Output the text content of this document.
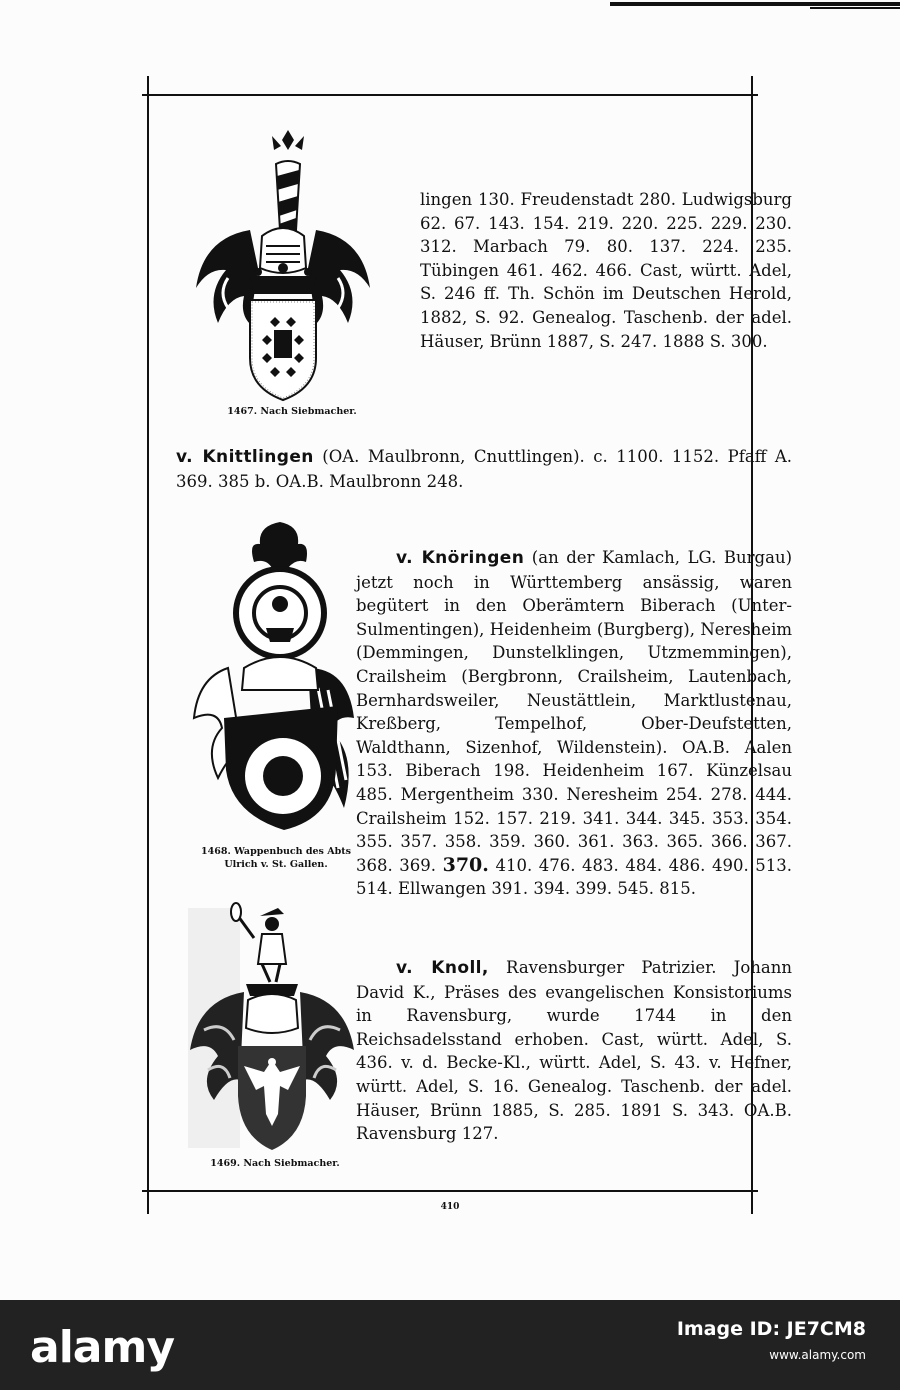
1467. Nach Siebmacher.

lingen 130. Freudenstadt 280. Ludwigsburg 62. 67. 143. 154. 219. 220. 225. 229. 230. 312. Marbach 79. 80. 137. 224. 235. Tübingen 461. 462. 466. Cast, württ. Adel, S. 246 ff. Th. Schön im Deutschen Herold, 1882, S. 92. Genealog. Taschenb. der adel. Häuser, Brünn 1887, S. 247. 1888 S. 300.

v. Knittlingen (OA. Maulbronn, Cnuttlingen). c. 1100. 1152. Pfaff A. 369. 385 b. OA.B. Maulbronn 248.

1468. Wappenbuch des Abts
Ulrich v. St. Gallen.

v. Knöringen (an der Kamlach, LG. Burgau) jetzt noch in Württemberg ansässig, waren begütert in den Oberämtern Biberach (Unter-Sulmentingen), Heidenheim (Burgberg), Neresheim (Demmingen, Dunstelklingen, Utzmemmingen), Crailsheim (Bergbronn, Crailsheim, Lautenbach, Bernhardsweiler, Neustättlein, Marktlustenau, Kreßberg, Tempelhof, Ober-Deufstetten, Waldthann, Sizenhof, Wildenstein). OA.B. Aalen 153. Biberach 198. Heidenheim 167. Künzelsau 485. Mergentheim 330. Neresheim 254. 278. 444. Crailsheim 152. 157. 219. 341. 344. 345. 353. 354. 355. 357. 358. 359. 360. 361. 363. 365. 366. 367. 368. 369. 370. 410. 476. 483. 484. 486. 490. 513. 514. Ellwangen 391. 394. 399. 545. 815.

1469. Nach Siebmacher.

v. Knoll, Ravensburger Patrizier. Johann David K., Präses des evangelischen Konsistoriums in Ravensburg, wurde 1744 in den Reichsadelsstand erhoben. Cast, württ. Adel, S. 436. v. d. Becke-Kl., württ. Adel, S. 43. v. Hefner, württ. Adel, S. 16. Genealog. Taschenb. der adel. Häuser, Brünn 1885, S. 285. 1891 S. 343. OA.B. Ravensburg 127.

410
alamy	Image ID: JE7CM8
www.alamy.com
